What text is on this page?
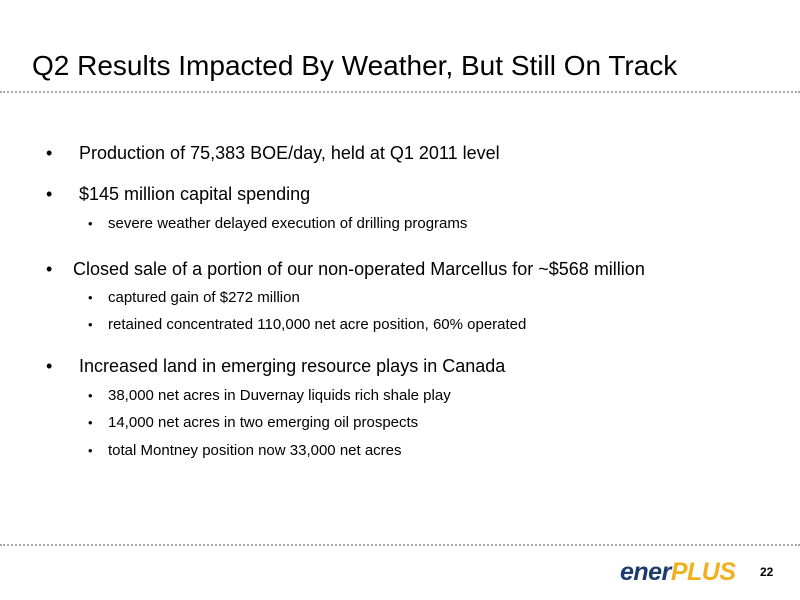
Q2 Results Impacted By Weather, But Still On Track
• Production of 75,383 BOE/day, held at Q1 2011 level
• $145 million capital spending
• severe weather delayed execution of drilling programs
• Closed sale of a portion of our non-operated Marcellus for ~$568 million
• captured gain of $272 million
• retained concentrated 110,000 net acre position, 60% operated
• Increased land in emerging resource plays in Canada
• 38,000 net acres in Duvernay liquids rich shale play
• 14,000 net acres in two emerging oil prospects
• total Montney position now 33,000 net acres
enerPLUS 22
